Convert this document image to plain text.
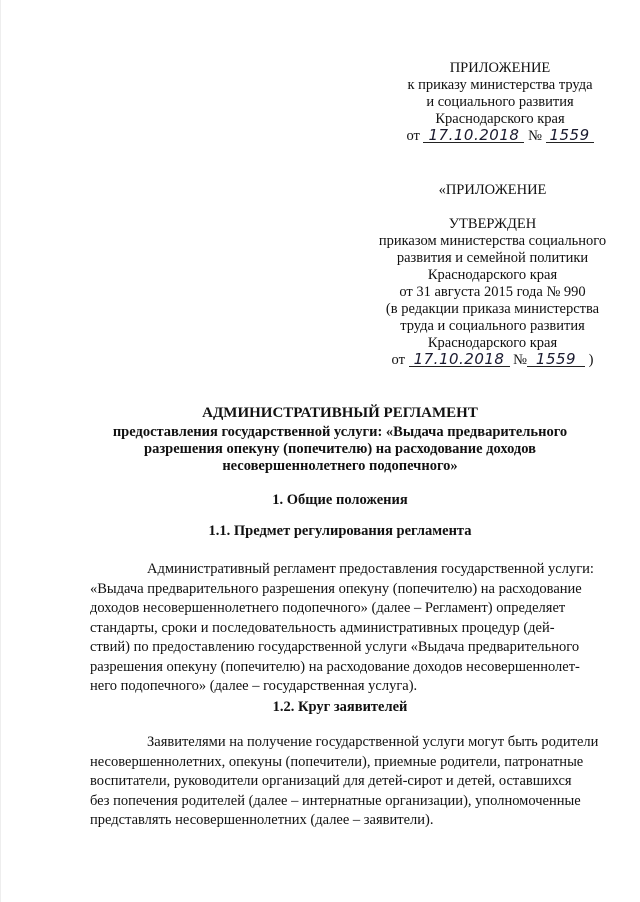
ПРИЛОЖЕНИЕ
к приказу министерства труда
и социального развития
Краснодарского края
от 17.10.2018 № 1559
«ПРИЛОЖЕНИЕ
УТВЕРЖДЕН
приказом министерства социального
развития и семейной политики
Краснодарского края
от 31 августа 2015 года № 990
(в редакции приказа министерства
труда и социального развития
Краснодарского края
от 17.10.2018 № 1559 )
АДМИНИСТРАТИВНЫЙ РЕГЛАМЕНТ
предоставления государственной услуги: «Выдача предварительного
разрешения опекуну (попечителю) на расходование доходов
несовершеннолетнего подопечного»
1. Общие положения
1.1. Предмет регулирования регламента
Административный регламент предоставления государственной услуги:
«Выдача предварительного разрешения опекуну (попечителю) на расходование
доходов несовершеннолетнего подопечного» (далее – Регламент) определяет
стандарты, сроки и последовательность административных процедур (дей-
ствий) по предоставлению государственной услуги «Выдача предварительного
разрешения опекуну (попечителю) на расходование доходов несовершеннолет-
него подопечного» (далее – государственная услуга).
1.2. Круг заявителей
Заявителями на получение государственной услуги могут быть родители
несовершеннолетних, опекуны (попечители), приемные родители, патронатные
воспитатели, руководители организаций для детей-сирот и детей, оставшихся
без попечения родителей (далее – интернатные организации), уполномоченные
представлять несовершеннолетних (далее – заявители).
